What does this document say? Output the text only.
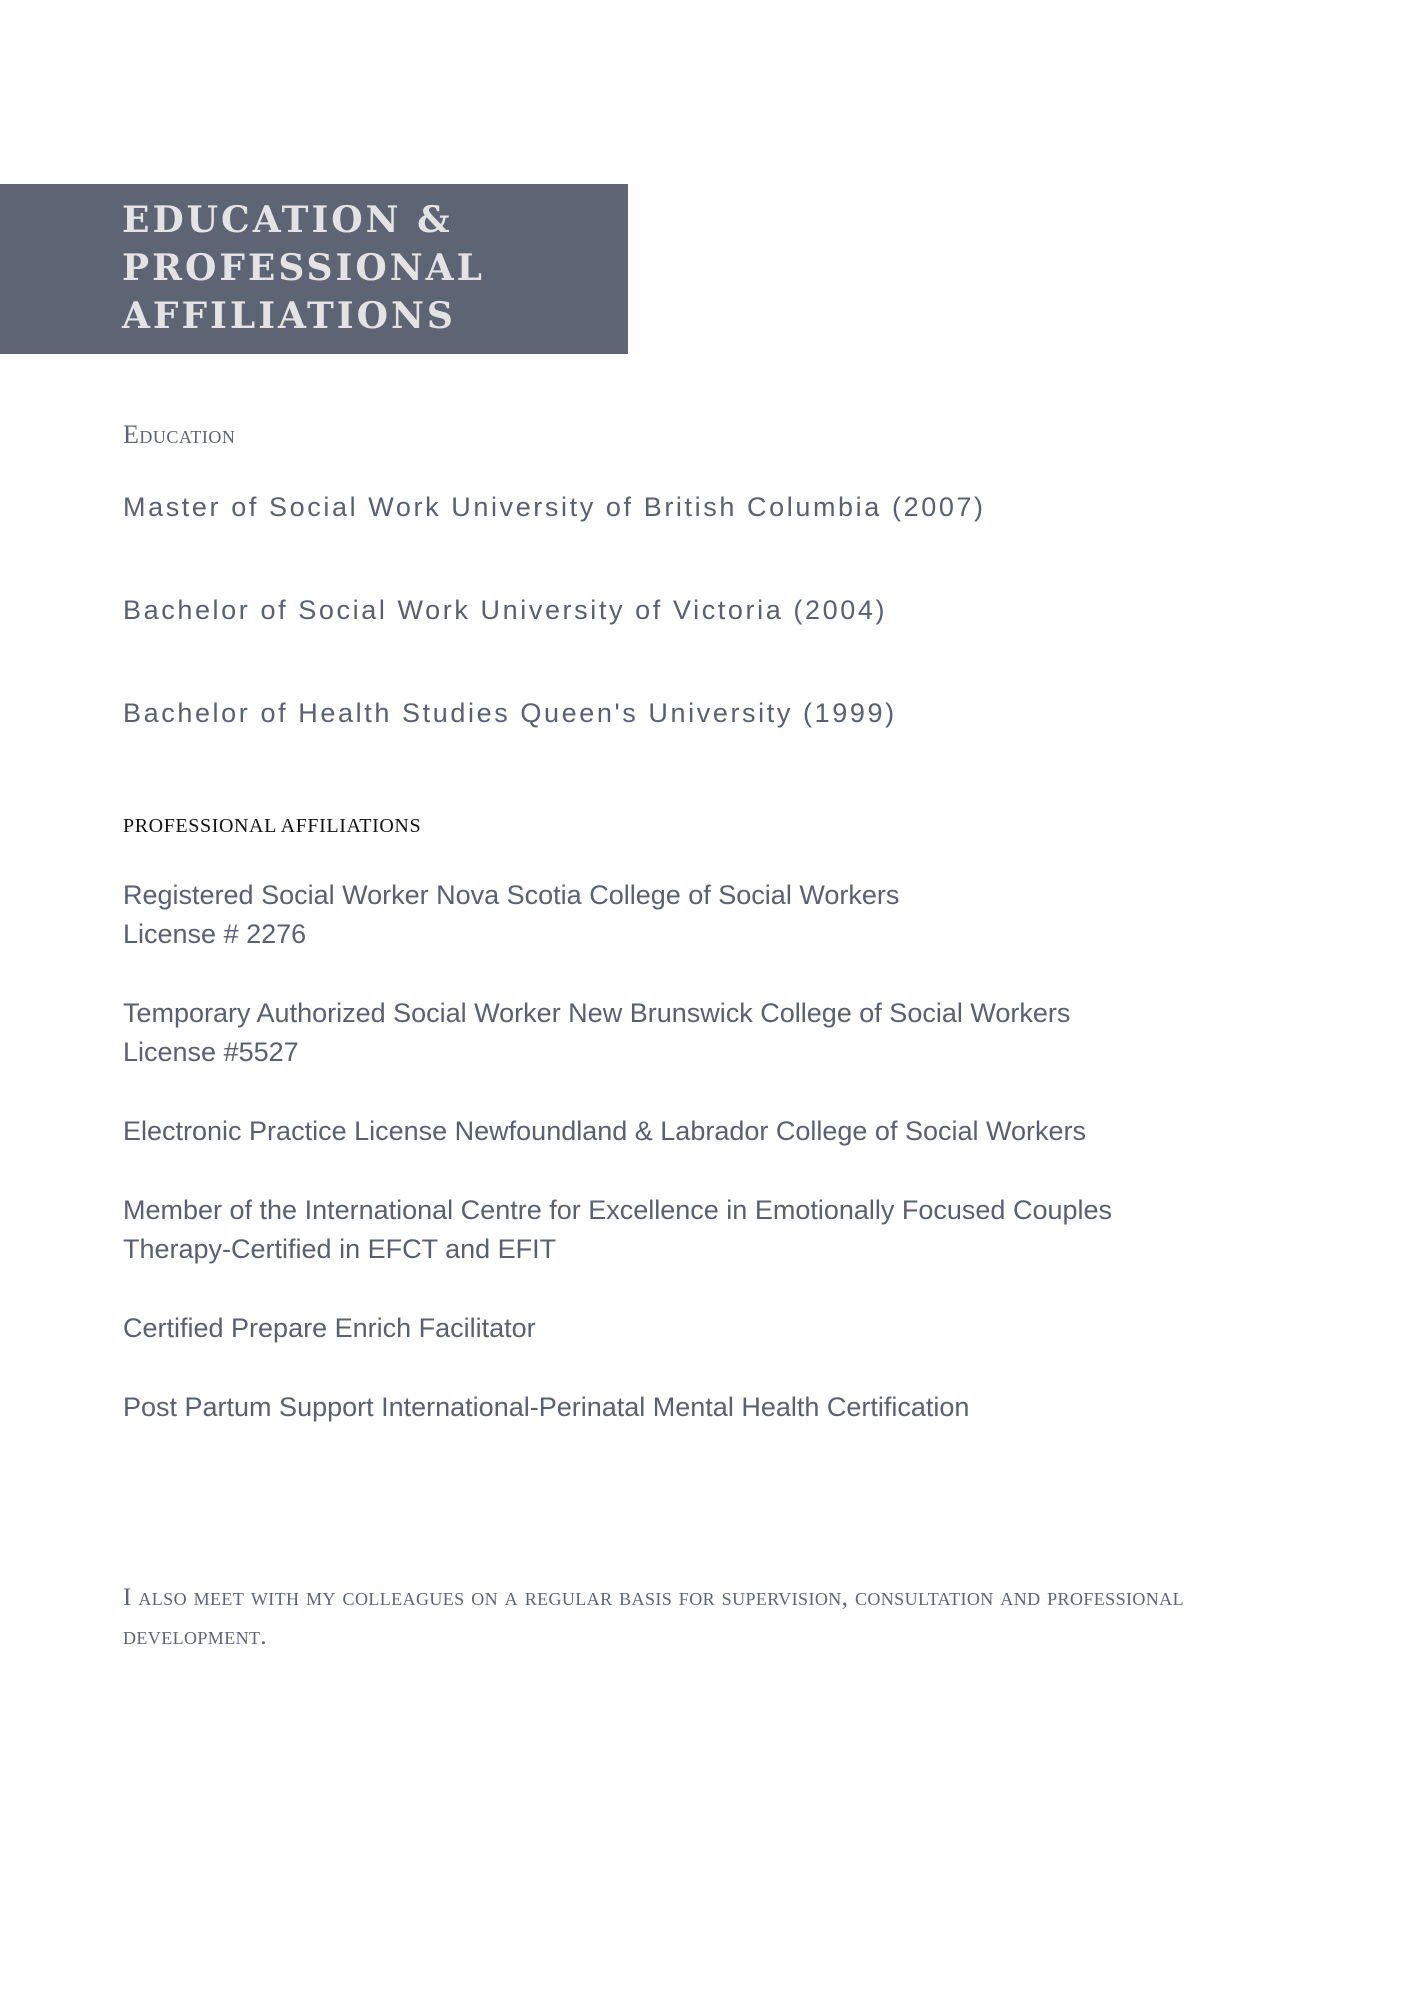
EDUCATION &
PROFESSIONAL
AFFILIATIONS
Education

Master of Social Work University of British Columbia (2007)

Bachelor of Social Work University of Victoria (2004)

Bachelor of Health Studies Queen's University (1999)

PROFESSIONAL AFFILIATIONS
Registered Social Worker Nova Scotia College of Social Workers
License # 2276
Temporary Authorized Social Worker New Brunswick College of Social Workers
License #5527
Electronic Practice License Newfoundland & Labrador College of Social Workers
Member of the International Centre for Excellence in Emotionally Focused Couples
Therapy-Certified in EFCT and EFIT
Certified Prepare Enrich Facilitator
Post Partum Support International-Perinatal Mental Health Certification

I also meet with my colleagues on a regular basis for supervision, consultation and professional development.
